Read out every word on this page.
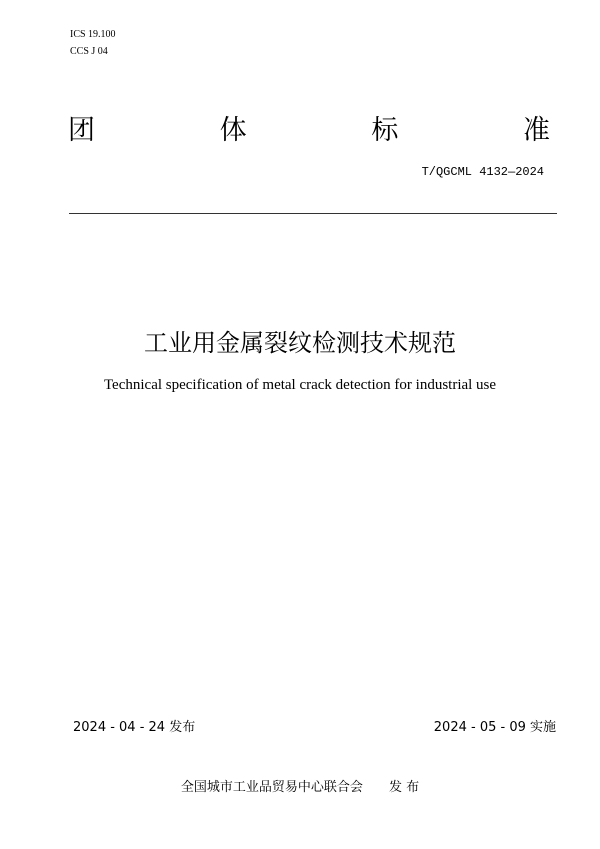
ICS 19.100
CCS J 04
团	体	标	准
T/QGCML 4132—2024
工业用金属裂纹检测技术规范
Technical specification of metal crack detection for industrial use
2024 - 04 - 24 发布	2024 - 05 - 09 实施
全国城市工业品贸易中心联合会 发 布
